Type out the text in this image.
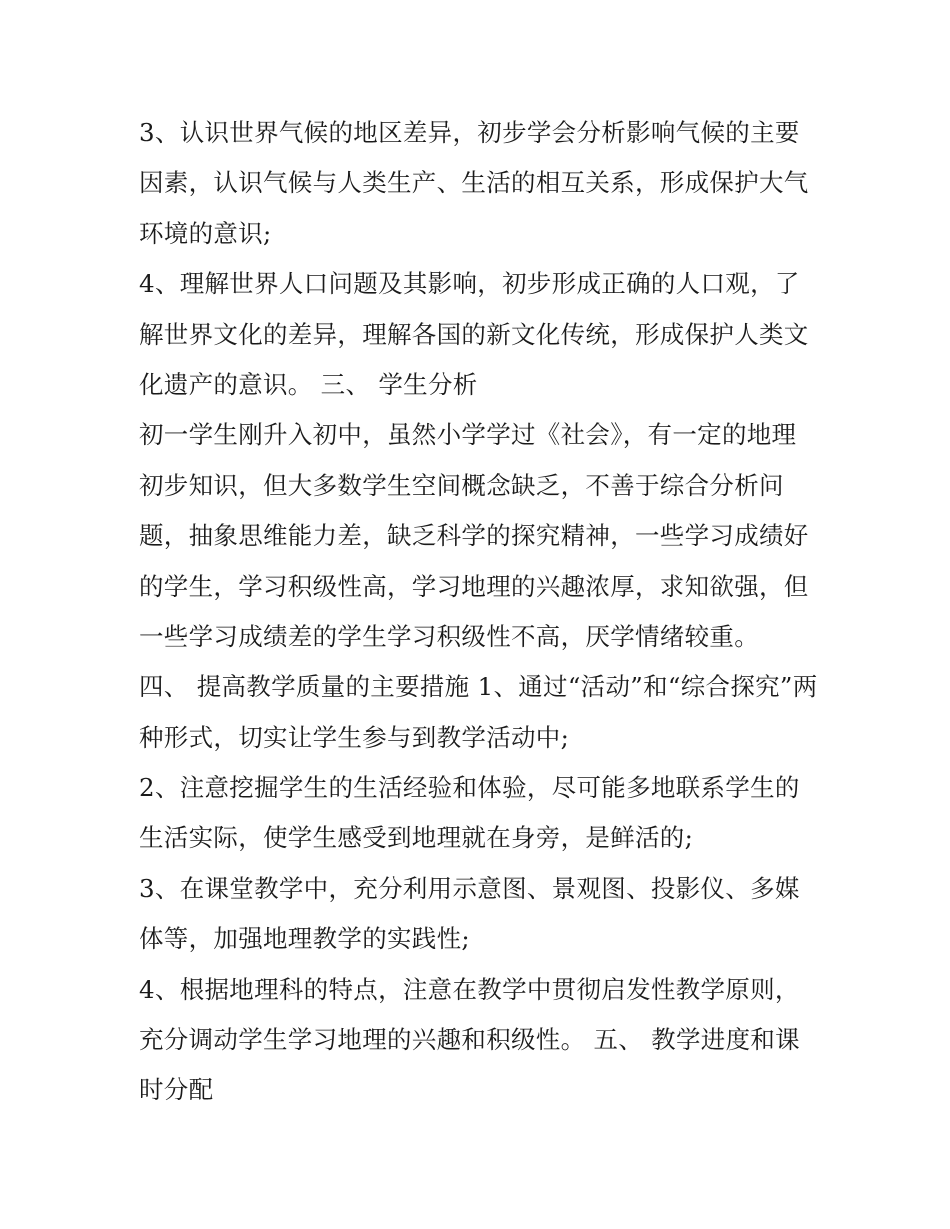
3、认识世界气候的地区差异，初步学会分析影响气候的主要
因素，认识气候与人类生产、生活的相互关系，形成保护大气
环境的意识;
4、理解世界人口问题及其影响，初步形成正确的人口观，了
解世界文化的差异，理解各国的新文化传统，形成保护人类文
化遗产的意识。 三、 学生分析
初一学生刚升入初中，虽然小学学过《社会》，有一定的地理
初步知识，但大多数学生空间概念缺乏，不善于综合分析问
题，抽象思维能力差，缺乏科学的探究精神，一些学习成绩好
的学生，学习积级性高，学习地理的兴趣浓厚，求知欲强，但
一些学习成绩差的学生学习积级性不高，厌学情绪较重。
四、 提高教学质量的主要措施 1、通过“活动”和“综合探究”两
种形式，切实让学生参与到教学活动中;
2、注意挖掘学生的生活经验和体验，尽可能多地联系学生的
生活实际，使学生感受到地理就在身旁，是鲜活的;
3、在课堂教学中，充分利用示意图、景观图、投影仪、多媒
体等，加强地理教学的实践性;
4、根据地理科的特点，注意在教学中贯彻启发性教学原则，
充分调动学生学习地理的兴趣和积级性。 五、 教学进度和课
时分配
